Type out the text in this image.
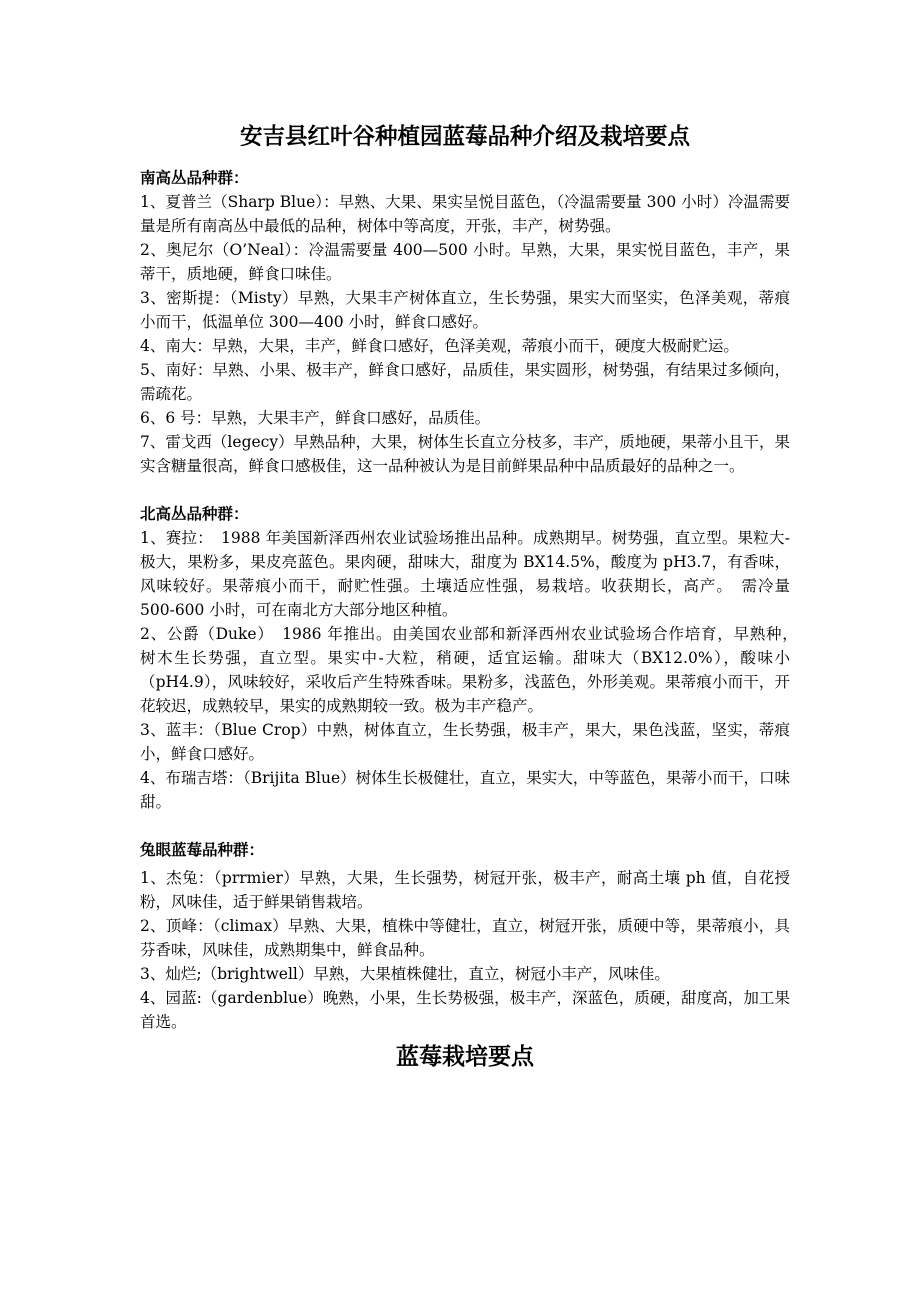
安吉县红叶谷种植园蓝莓品种介绍及栽培要点

南高丛品种群：

1、夏普兰（Sharp Blue）：早熟、大果、果实呈悦目蓝色，（冷温需要量 300 小时）冷温需要量是所有南高丛中最低的品种，树体中等高度，开张，丰产，树势强。

2、奥尼尔（O’Neal）：冷温需要量 400—500 小时。早熟，大果，果实悦目蓝色，丰产，果蒂干，质地硬，鲜食口味佳。

3、密斯提：（Misty）早熟，大果丰产树体直立，生长势强，果实大而坚实，色泽美观，蒂痕小而干，低温单位 300—400 小时，鲜食口感好。

4、南大：早熟，大果，丰产，鲜食口感好，色泽美观，蒂痕小而干，硬度大极耐贮运。

5、南好：早熟、小果、极丰产，鲜食口感好，品质佳，果实圆形，树势强，有结果过多倾向，需疏花。

6、6 号：早熟，大果丰产，鲜食口感好，品质佳。

7、雷戈西（legecy）早熟品种，大果，树体生长直立分枝多，丰产，质地硬，果蒂小且干，果实含糖量很高，鲜食口感极佳，这一品种被认为是目前鲜果品种中品质最好的品种之一。

北高丛品种群：

1、赛拉：　1988 年美国新泽西州农业试验场推出品种。成熟期早。树势强，直立型。果粒大-极大，果粉多，果皮亮蓝色。果肉硬，甜味大，甜度为 BX14.5%，酸度为 pH3.7，有香味，风味较好。果蒂痕小而干，耐贮性强。土壤适应性强，易栽培。收获期长，高产。　需冷量 500-600 小时，可在南北方大部分地区种植。

2、公爵（Duke）　1986 年推出。由美国农业部和新泽西州农业试验场合作培育，早熟种，　树木生长势强，直立型。果实中-大粒，稍硬，适宜运输。甜味大（BX12.0%），酸味小（pH4.9），风味较好，采收后产生特殊香味。果粉多，浅蓝色，外形美观。果蒂痕小而干，开花较迟，成熟较早，果实的成熟期较一致。极为丰产稳产。

3、蓝丰：（Blue Crop）中熟，树体直立，生长势强，极丰产，果大，果色浅蓝，坚实，蒂痕小，鲜食口感好。

4、布瑞吉塔：（Brijita Blue）树体生长极健壮，直立，果实大，中等蓝色，果蒂小而干，口味甜。

兔眼蓝莓品种群：

1、杰兔：（prrmier）早熟，大果，生长强势，树冠开张，极丰产，耐高土壤 ph 值，自花授粉，风味佳，适于鲜果销售栽培。

2、顶峰：（climax）早熟、大果，植株中等健壮，直立，树冠开张，质硬中等，果蒂痕小，具芬香味，风味佳，成熟期集中，鲜食品种。

3、灿烂;（brightwell）早熟，大果植株健壮，直立，树冠小丰产，风味佳。

4、园蓝:（gardenblue）晚熟，小果，生长势极强，极丰产，深蓝色，质硬，甜度高，加工果首选。

蓝莓栽培要点
